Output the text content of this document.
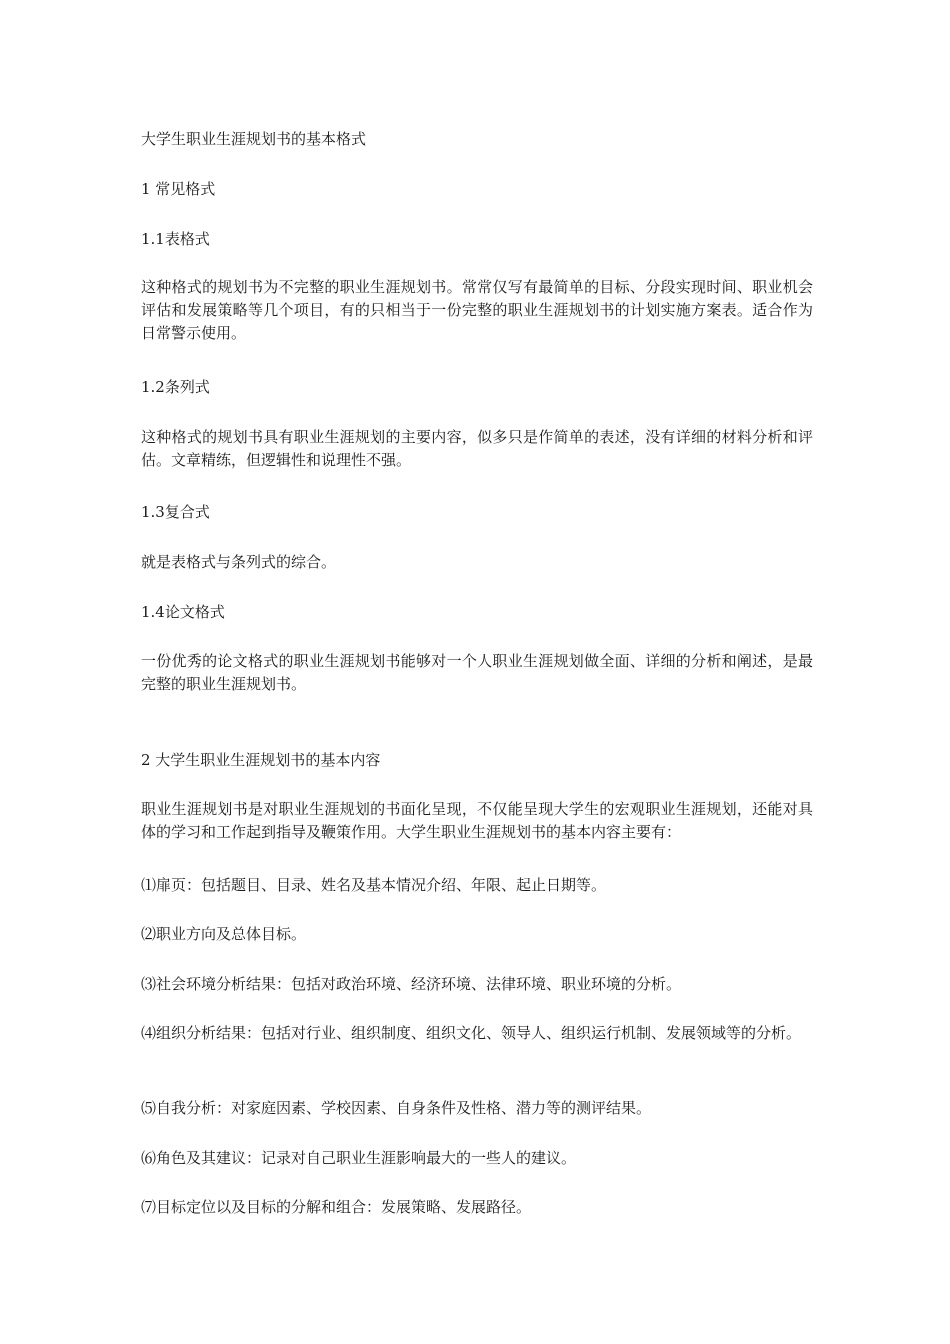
大学生职业生涯规划书的基本格式
1 常见格式
1.1表格式
这种格式的规划书为不完整的职业生涯规划书。常常仅写有最简单的目标、分段实现时间、职业机会评估和发展策略等几个项目，有的只相当于一份完整的职业生涯规划书的计划实施方案表。适合作为日常警示使用。
1.2条列式
这种格式的规划书具有职业生涯规划的主要内容，似多只是作简单的表述，没有详细的材料分析和评估。文章精练，但逻辑性和说理性不强。
1.3复合式
就是表格式与条列式的综合。
1.4论文格式
一份优秀的论文格式的职业生涯规划书能够对一个人职业生涯规划做全面、详细的分析和阐述，是最完整的职业生涯规划书。
2 大学生职业生涯规划书的基本内容
职业生涯规划书是对职业生涯规划的书面化呈现，不仅能呈现大学生的宏观职业生涯规划，还能对具体的学习和工作起到指导及鞭策作用。大学生职业生涯规划书的基本内容主要有：
⑴扉页：包括题目、目录、姓名及基本情况介绍、年限、起止日期等。
⑵职业方向及总体目标。
⑶社会环境分析结果：包括对政治环境、经济环境、法律环境、职业环境的分析。
⑷组织分析结果：包括对行业、组织制度、组织文化、领导人、组织运行机制、发展领域等的分析。
⑸自我分析：对家庭因素、学校因素、自身条件及性格、潜力等的测评结果。
⑹角色及其建议：记录对自己职业生涯影响最大的一些人的建议。
⑺目标定位以及目标的分解和组合：发展策略、发展路径。
